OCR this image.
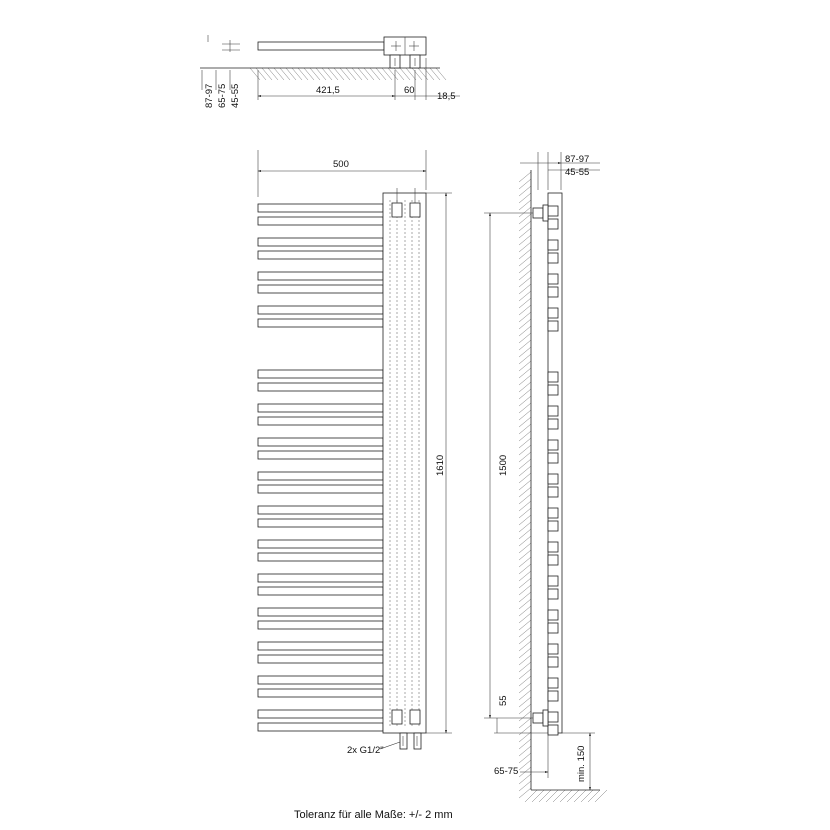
87-97 65-75 45-55	421,5	60
18,5
500
1610
2x G1/2"
87-97
45-55
1500
55
65-75	min. 150
Toleranz für alle Maße: +/- 2 mm
